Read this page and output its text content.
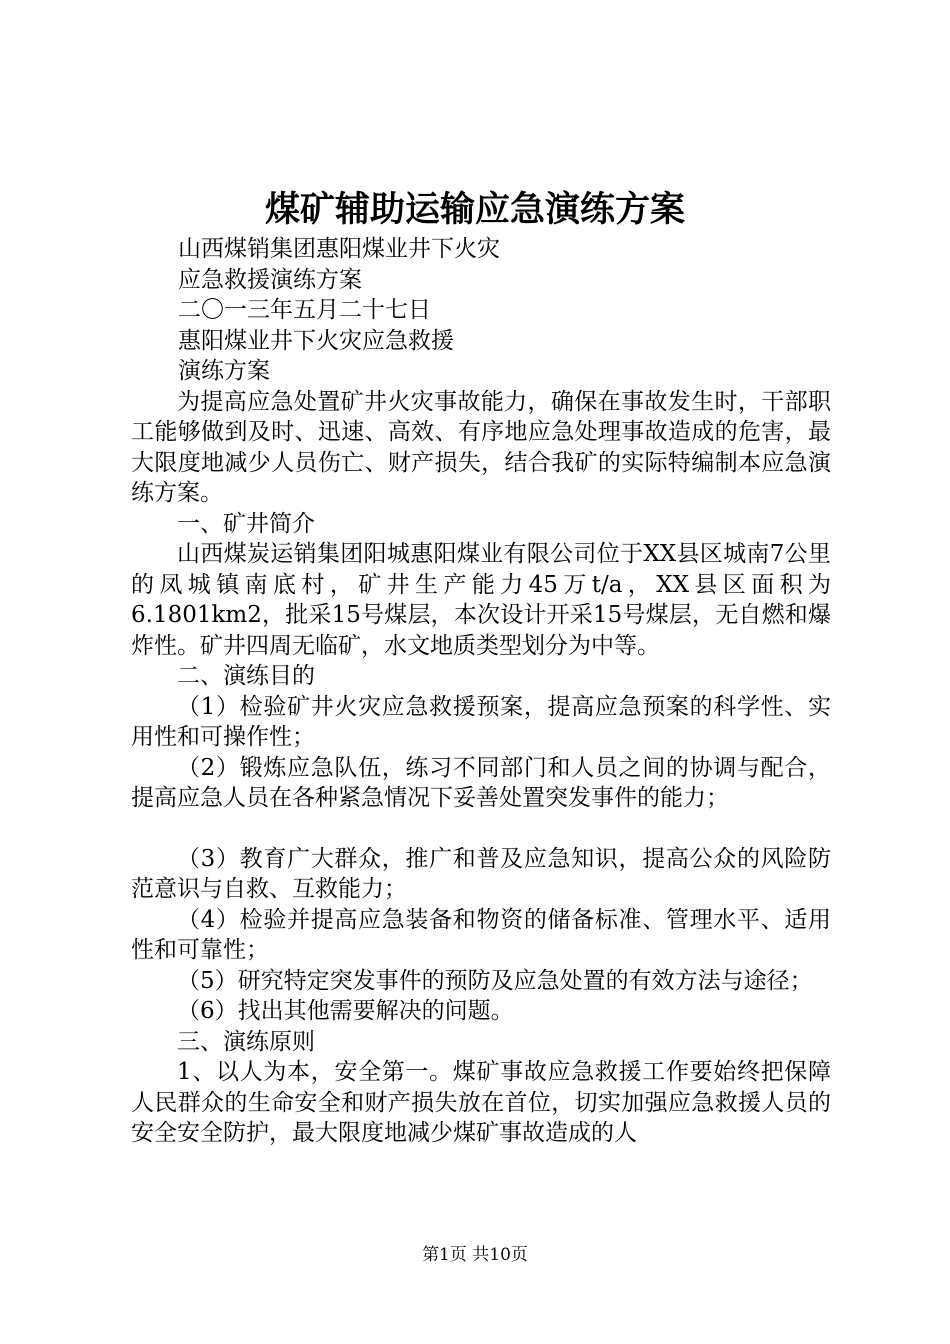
煤矿辅助运输应急演练方案

山西煤销集团惠阳煤业井下火灾

应急救援演练方案

二〇一三年五月二十七日

惠阳煤业井下火灾应急救援

演练方案

为提高应急处置矿井火灾事故能力，确保在事故发生时，干部职工能够做到及时、迅速、高效、有序地应急处理事故造成的危害，最大限度地减少人员伤亡、财产损失，结合我矿的实际特编制本应急演练方案。

一、矿井简介

山西煤炭运销集团阳城惠阳煤业有限公司位于XX县区城南7公里的凤城镇南底村，矿井生产能力45万t/a，XX县区面积为6.1801km2，批采15号煤层，本次设计开采15号煤层，无自燃和爆炸性。矿井四周无临矿，水文地质类型划分为中等。

二、演练目的

（1）检验矿井火灾应急救援预案，提高应急预案的科学性、实用性和可操作性；

（2）锻炼应急队伍，练习不同部门和人员之间的协调与配合，提高应急人员在各种紧急情况下妥善处置突发事件的能力；

（3）教育广大群众，推广和普及应急知识，提高公众的风险防范意识与自救、互救能力；

（4）检验并提高应急装备和物资的储备标准、管理水平、适用性和可靠性；

（5）研究特定突发事件的预防及应急处置的有效方法与途径；

（6）找出其他需要解决的问题。

三、演练原则

1、以人为本，安全第一。煤矿事故应急救援工作要始终把保障人民群众的生命安全和财产损失放在首位，切实加强应急救援人员的安全安全防护，最大限度地减少煤矿事故造成的人

第1页 共10页
